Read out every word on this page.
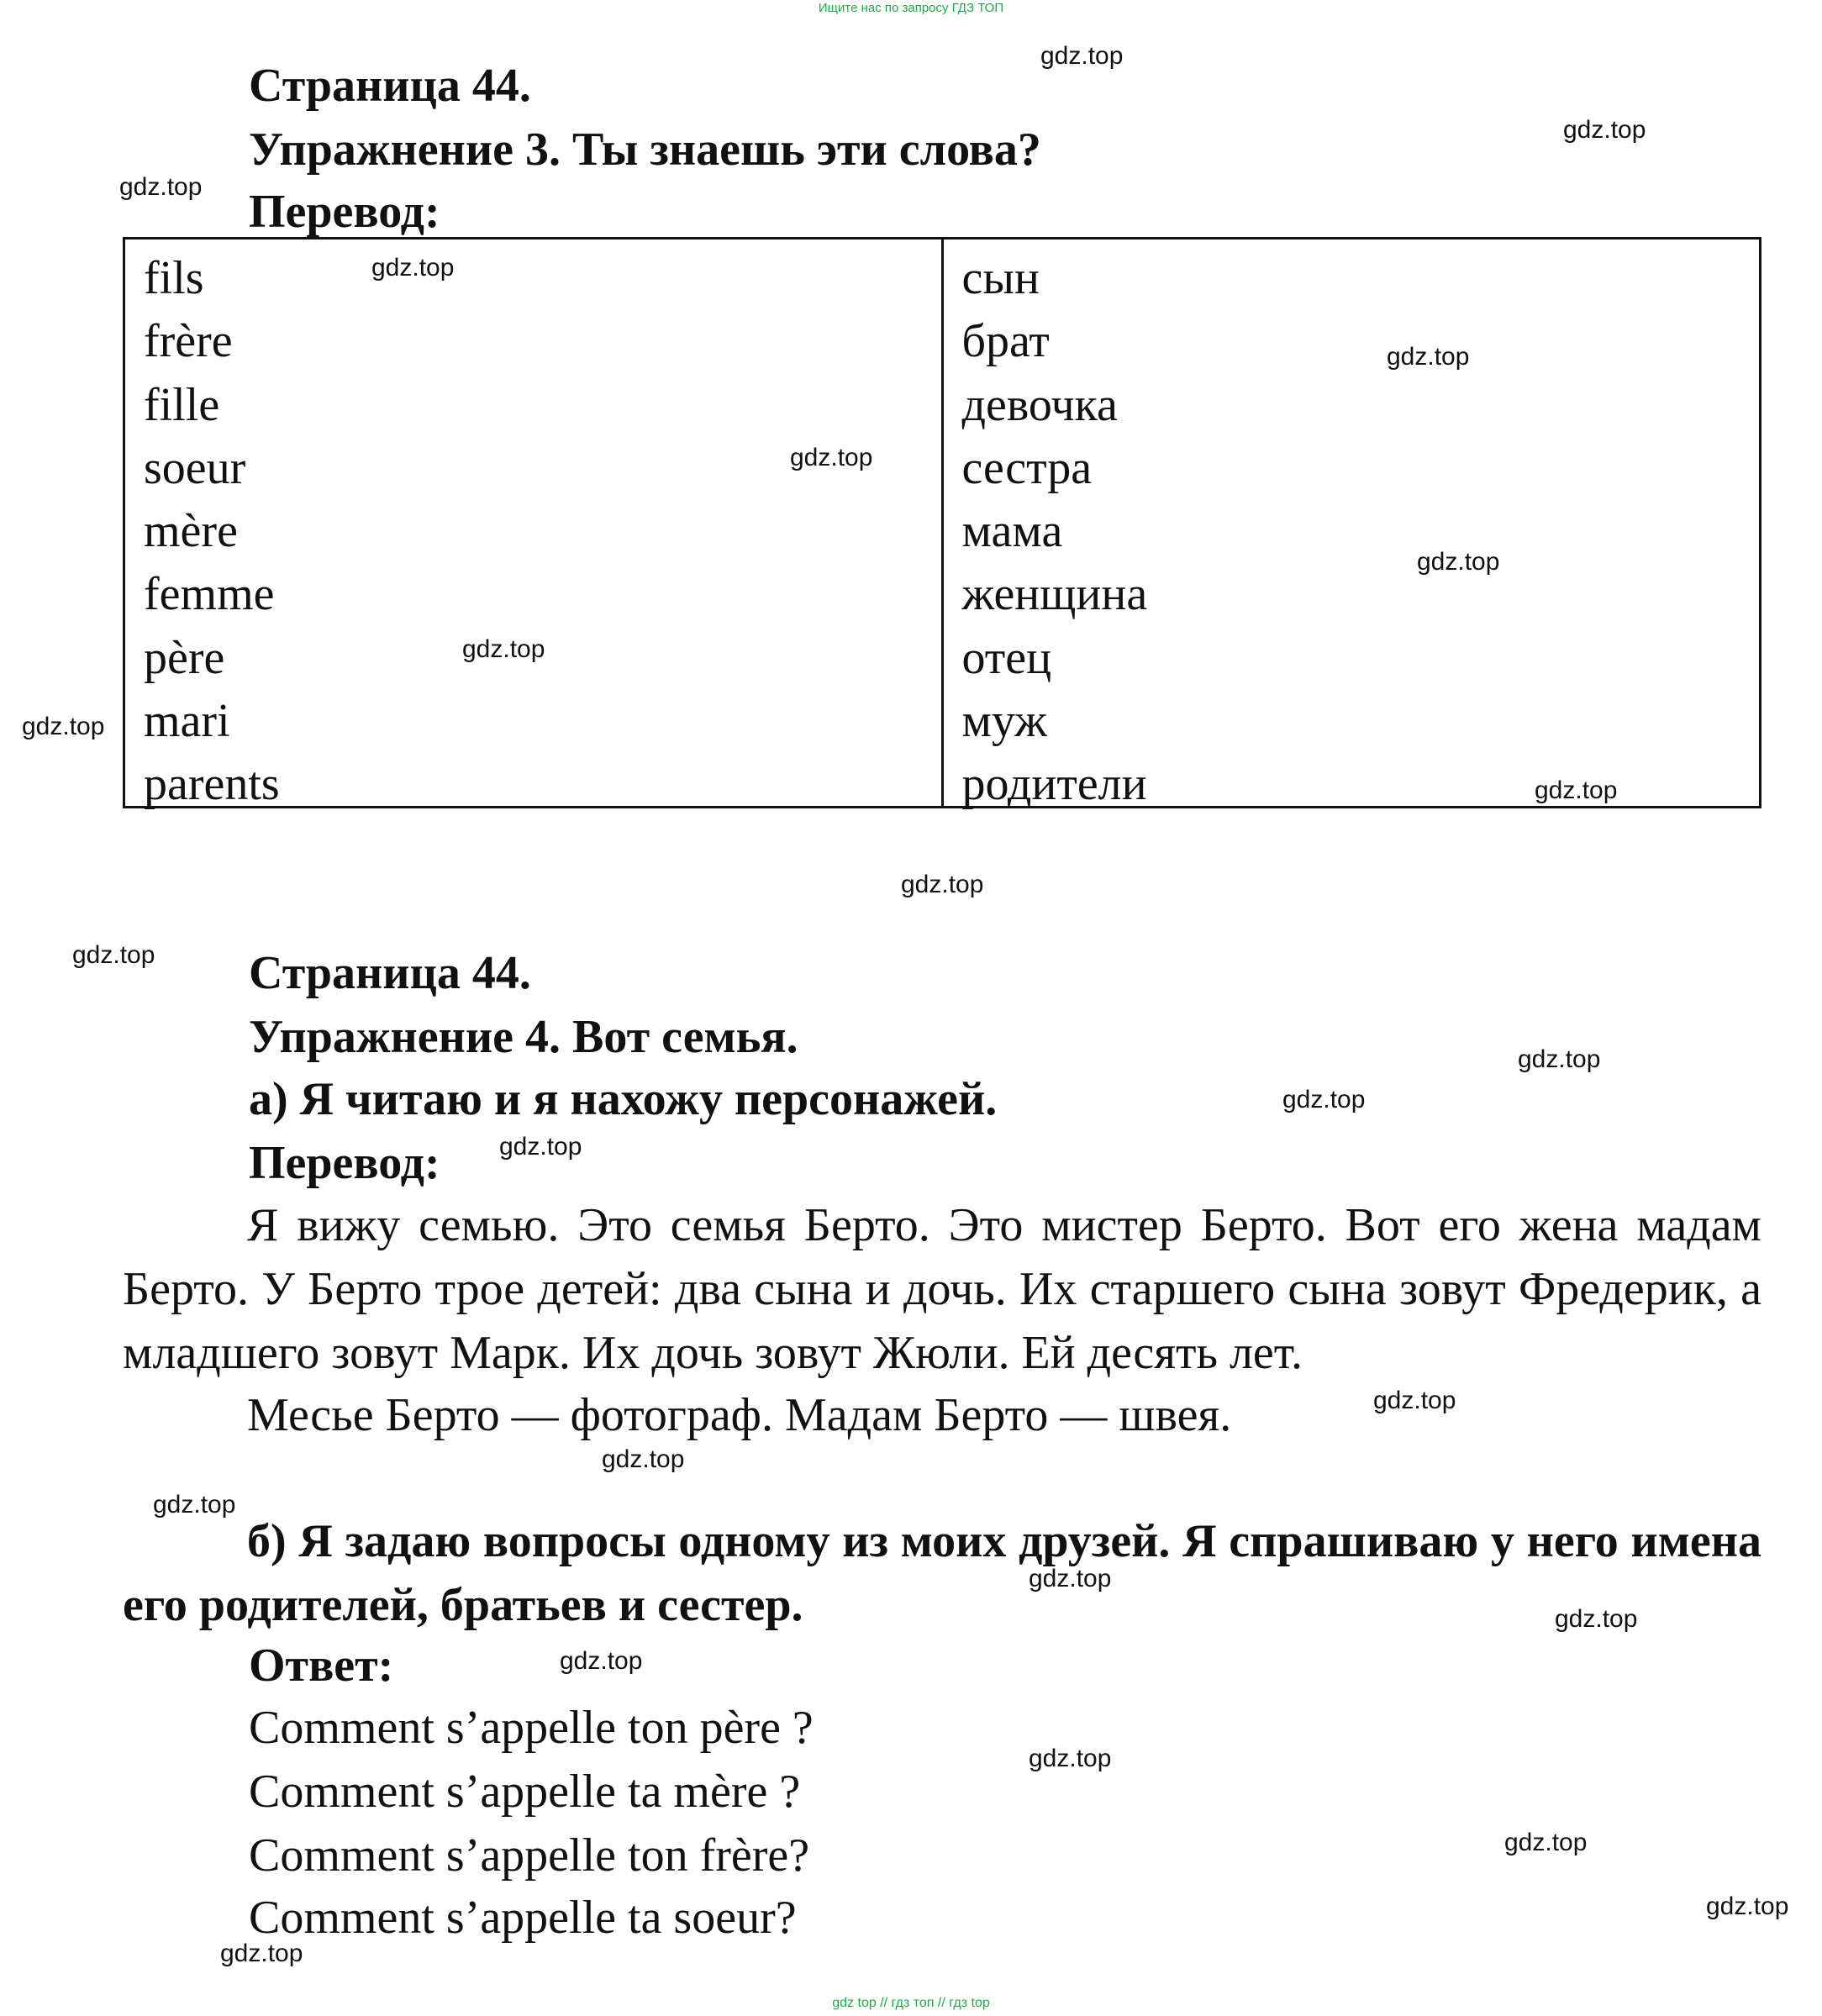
Ищите нас по запросу ГДЗ ТОП
Страница 44.
Упражнение 3. Ты знаешь эти слова?
Перевод:
fils
frère
fille
soeur
mère
femme
père
mari
parents
сын
брат
девочка
сестра
мама
женщина
отец
муж
родители
Страница 44.
Упражнение 4. Вот семья.
а) Я читаю и я нахожу персонажей.
Перевод:
Я вижу семью. Это семья Берто. Это мистер Берто. Вот его жена мадам Берто. У Берто трое детей: два сына и дочь. Их старшего сына зовут Фредерик, а младшего зовут Марк. Их дочь зовут Жюли. Ей десять лет.
Месье Берто — фотограф. Мадам Берто — швея.
б) Я задаю вопросы одному из моих друзей. Я спрашиваю у него имена его родителей, братьев и сестер.
Ответ:
Comment s’appelle ton père ?
Comment s’appelle ta mère ?
Comment s’appelle ton frère?
Comment s’appelle ta soeur?
gdz.top
gdz.top
gdz.top
gdz.top
gdz.top
gdz.top
gdz.top
gdz.top
gdz.top
gdz.top
gdz.top
gdz.top
gdz.top
gdz.top
gdz.top
gdz.top
gdz.top
gdz.top
gdz.top
gdz.top
gdz.top
gdz.top
gdz.top
gdz.top
gdz.top
gdz top // гдз топ // гдз top
